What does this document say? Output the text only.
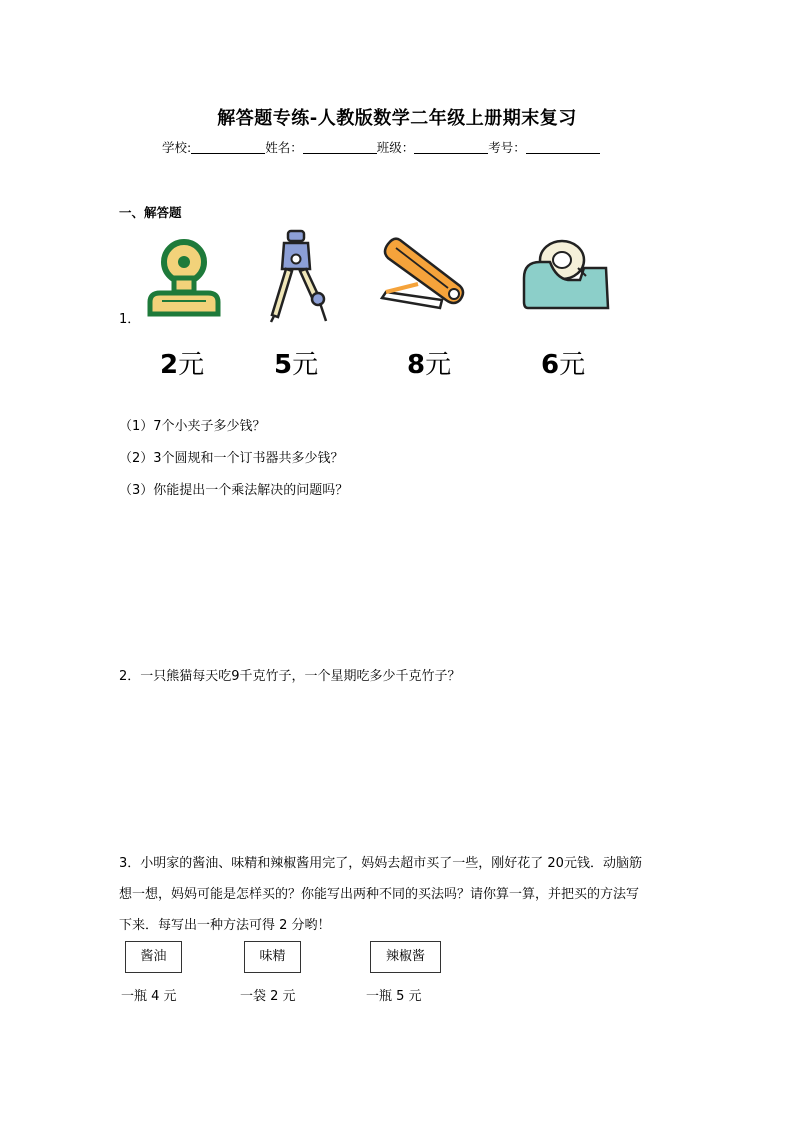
解答题专练-人教版数学二年级上册期末复习
学校:	姓名：	班级：	考号：
一、解答题
1．
2元	5元	8元	6元
（1）7个小夹子多少钱？
（2）3个圆规和一个订书器共多少钱？
（3）你能提出一个乘法解决的问题吗？
2．一只熊猫每天吃9千克竹子，一个星期吃多少千克竹子？
3．小明家的酱油、味精和辣椒酱用完了，妈妈去超市买了一些，刚好花了 20元钱．动脑筋
想一想，妈妈可能是怎样买的？你能写出两种不同的买法吗？请你算一算，并把买的方法写
下来．每写出一种方法可得 2 分哟！
酱油	味精	辣椒酱
一瓶 4 元	一袋 2 元	一瓶 5 元
